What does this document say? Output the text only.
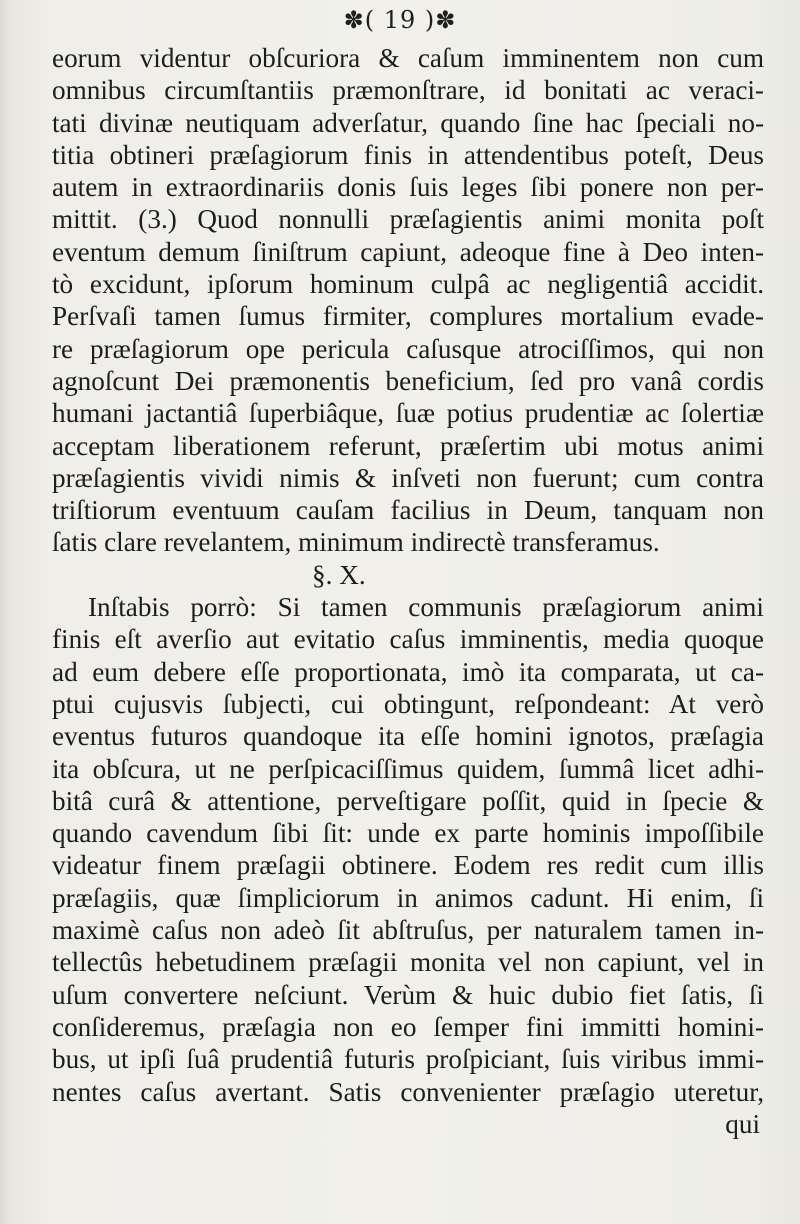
✽( 19 )✽
eorum videntur obſcuriora & caſum imminentem non cum
omnibus circumſtantiis præmonſtrare, id bonitati ac veraci-
tati divinæ neutiquam adverſatur, quando ſine hac ſpeciali no-
titia obtineri præſagiorum finis in attendentibus poteſt, Deus
autem in extraordinariis donis ſuis leges ſibi ponere non per-
mittit. (3.) Quod nonnulli præſagientis animi monita poſt
eventum demum ſiniſtrum capiunt, adeoque fine à Deo inten-
tò excidunt, ipſorum hominum culpâ ac negligentiâ accidit.
Perſvaſi tamen ſumus firmiter, complures mortalium evade-
re præſagiorum ope pericula caſusque atrociſſimos, qui non
agnoſcunt Dei præmonentis beneficium, ſed pro vanâ cordis
humani jactantiâ ſuperbiâque, ſuæ potius prudentiæ ac ſolertiæ
acceptam liberationem referunt, præſertim ubi motus animi
præſagientis vividi nimis & inſveti non fuerunt; cum contra
triſtiorum eventuum cauſam facilius in Deum, tanquam non
ſatis clare revelantem, minimum indirectè transferamus.
§. X.
Inſtabis porrò: Si tamen communis præſagiorum animi
finis eſt averſio aut evitatio caſus imminentis, media quoque
ad eum debere eſſe proportionata, imò ita comparata, ut ca-
ptui cujusvis ſubjecti, cui obtingunt, reſpondeant: At verò
eventus futuros quandoque ita eſſe homini ignotos, præſagia
ita obſcura, ut ne perſpicaciſſimus quidem, ſummâ licet adhi-
bitâ curâ & attentione, perveſtigare poſſit, quid in ſpecie &
quando cavendum ſibi ſit: unde ex parte hominis impoſſibile
videatur finem præſagii obtinere. Eodem res redit cum illis
præſagiis, quæ ſimpliciorum in animos cadunt. Hi enim, ſi
maximè caſus non adeò ſit abſtruſus, per naturalem tamen in-
tellectûs hebetudinem præſagii monita vel non capiunt, vel in
uſum convertere neſciunt. Verùm & huic dubio fiet ſatis, ſi
conſideremus, præſagia non eo ſemper fini immitti homini-
bus, ut ipſi ſuâ prudentiâ futuris proſpiciant, ſuis viribus immi-
nentes caſus avertant. Satis convenienter præſagio uteretur,
qui
